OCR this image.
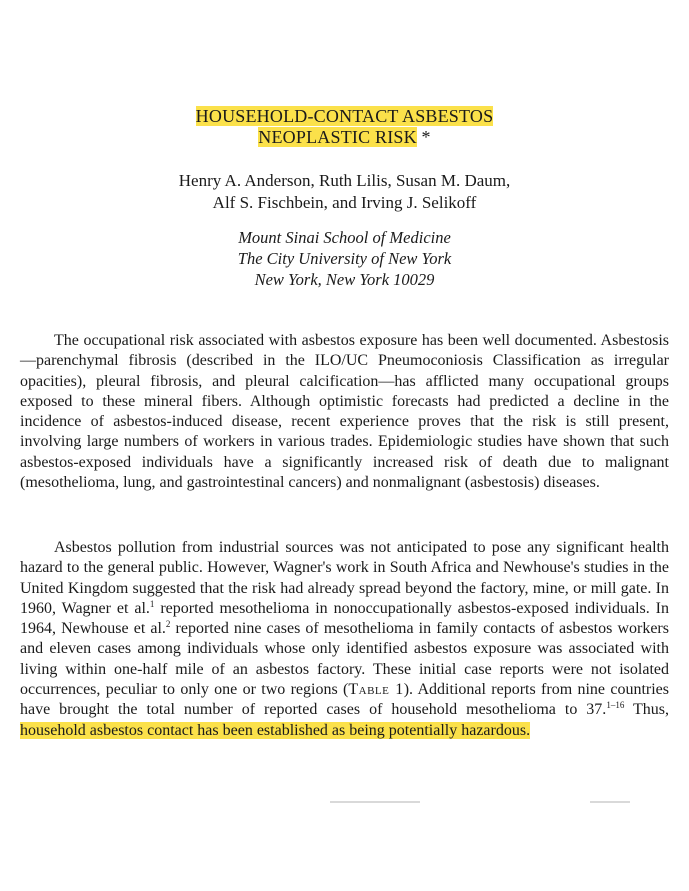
HOUSEHOLD-CONTACT ASBESTOS
NEOPLASTIC RISK *
Henry A. Anderson, Ruth Lilis, Susan M. Daum,
Alf S. Fischbein, and Irving J. Selikoff
Mount Sinai School of Medicine
The City University of New York
New York, New York 10029
The occupational risk associated with asbestos exposure has been well documented. Asbestosis—parenchymal fibrosis (described in the ILO/UC Pneumoconiosis Classification as irregular opacities), pleural fibrosis, and pleural calcification—has afflicted many occupational groups exposed to these mineral fibers. Although optimistic forecasts had predicted a decline in the incidence of asbestos-induced disease, recent experience proves that the risk is still present, involving large numbers of workers in various trades. Epidemiologic studies have shown that such asbestos-exposed individuals have a significantly increased risk of death due to malignant (mesothelioma, lung, and gastrointestinal cancers) and nonmalignant (asbestosis) diseases.
Asbestos pollution from industrial sources was not anticipated to pose any significant health hazard to the general public. However, Wagner's work in South Africa and Newhouse's studies in the United Kingdom suggested that the risk had already spread beyond the factory, mine, or mill gate. In 1960, Wagner et al.$^1$ reported mesothelioma in nonoccupationally asbestos-exposed individuals. In 1964, Newhouse et al.$^2$ reported nine cases of mesothelioma in family contacts of asbestos workers and eleven cases among individuals whose only identified asbestos exposure was associated with living within one-half mile of an asbestos factory. These initial case reports were not isolated occurrences, peculiar to only one or two regions (Table 1). Additional reports from nine countries have brought the total number of reported cases of household mesothelioma to 37.$^{1-16}$ Thus, household asbestos contact has been established as being potentially hazardous.
